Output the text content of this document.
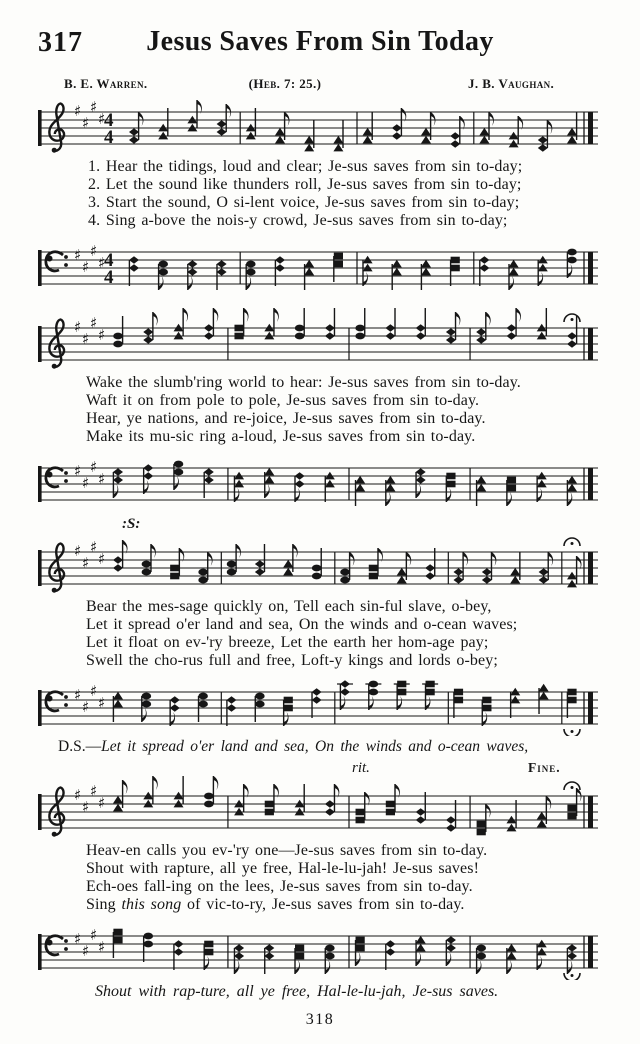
317	Jesus Saves From Sin Today
B. E. Warren.	(Heb. 7: 25.)	J. B. Vaughan.
♯
♯
♯
♯
4
4
1. Hear the tidings, loud and clear; Je-sus saves from sin to-day;
2. Let the sound like thunders roll, Je-sus saves from sin to-day;
3. Start the sound, O si-lent voice, Je-sus saves from sin to-day;
4. Sing a-bove the nois-y crowd, Je-sus saves from sin to-day;
♯
♯
♯
♯
4
4
♯
♯
♯
♯
Wake the slumb'ring world to hear: Je-sus saves from sin to-day.
Waft it on from pole to pole, Je-sus saves from sin to-day.
Hear, ye nations, and re-joice, Je-sus saves from sin to-day.
Make its mu-sic ring a-loud, Je-sus saves from sin to-day.
♯
♯
♯
♯
:S:
♯
♯
♯
♯
Bear the mes-sage quickly on, Tell each sin-ful slave, o-bey,
Let it spread o'er land and sea, On the winds and o-cean waves;
Let it float on ev-'ry breeze, Let the earth her hom-age pay;
Swell the cho-rus full and free, Loft-y kings and lords o-bey;
♯
♯
♯
♯
D.S.—Let it spread o'er land and sea, On the winds and o-cean waves,
rit.	Fine.
♯
♯
♯
♯
Heav-en calls you ev-'ry one—Je-sus saves from sin to-day.
Shout with rapture, all ye free, Hal-le-lu-jah! Je-sus saves!
Ech-oes fall-ing on the lees, Je-sus saves from sin to-day.
Sing this song of vic-to-ry, Je-sus saves from sin to-day.
♯
♯
♯
♯
Shout with rap-ture, all ye free, Hal-le-lu-jah, Je-sus saves.
318
